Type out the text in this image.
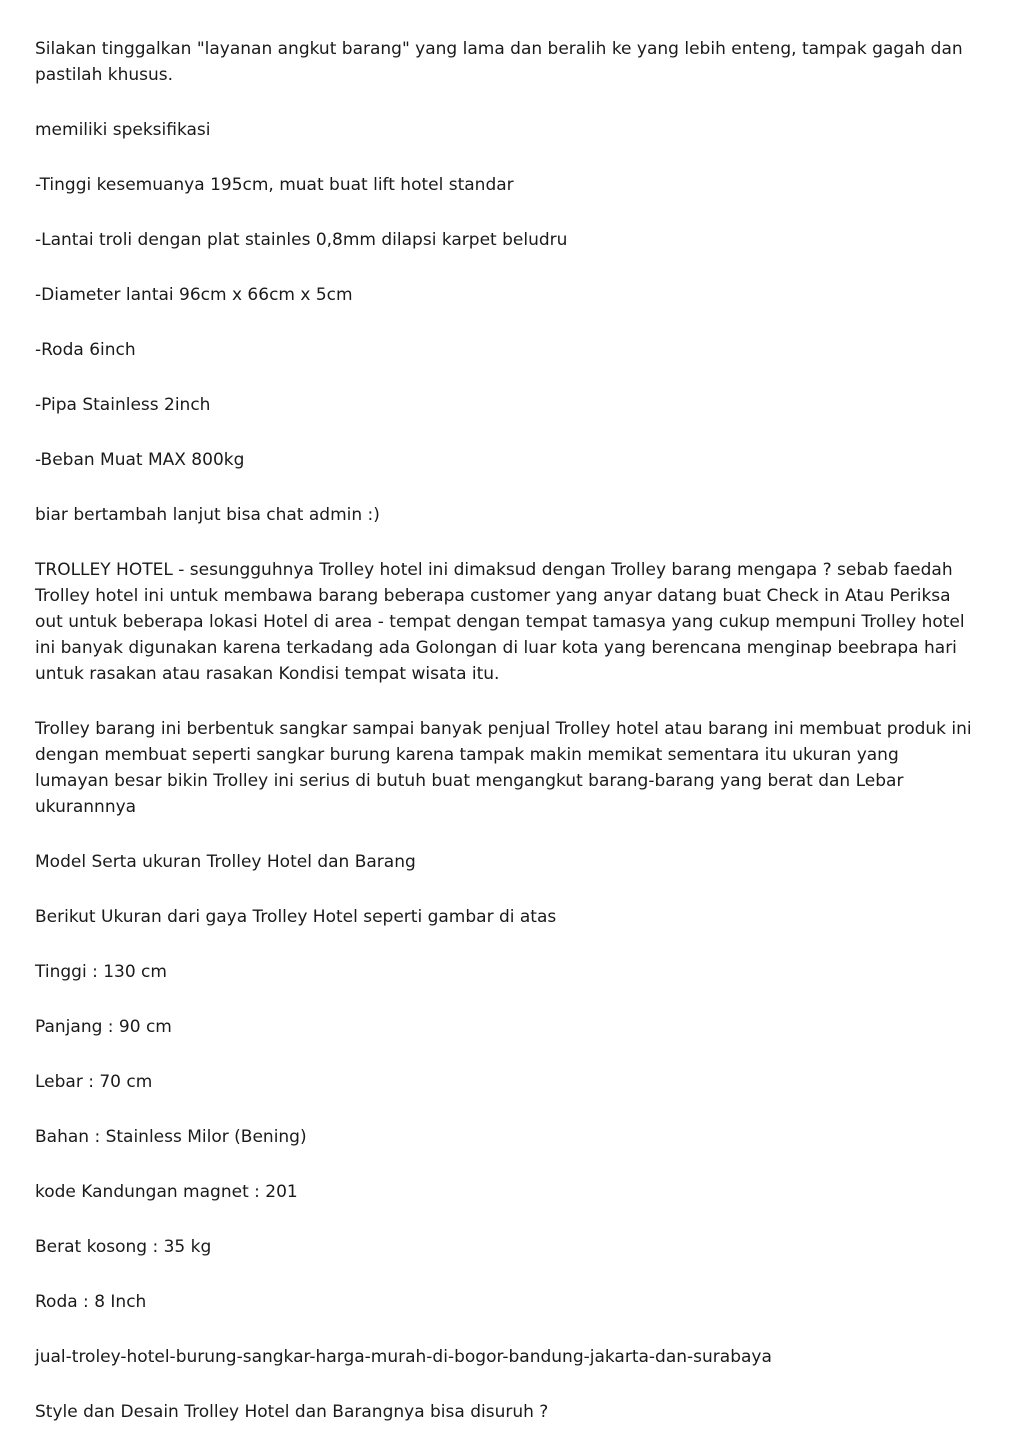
Silakan tinggalkan "layanan angkut barang" yang lama dan beralih ke yang lebih enteng, tampak gagah dan pastilah khusus.

memiliki speksifikasi

-Tinggi kesemuanya 195cm, muat buat lift hotel standar

-Lantai troli dengan plat stainles 0,8mm dilapsi karpet beludru

-Diameter lantai 96cm x 66cm x 5cm

-Roda 6inch

-Pipa Stainless 2inch

-Beban Muat MAX 800kg

biar bertambah lanjut bisa chat admin :)

TROLLEY HOTEL - sesungguhnya Trolley hotel ini dimaksud dengan Trolley barang mengapa ? sebab faedah Trolley hotel ini untuk membawa barang beberapa customer yang anyar datang buat Check in Atau Periksa out untuk beberapa lokasi Hotel di area - tempat dengan tempat tamasya yang cukup mempuni Trolley hotel ini banyak digunakan karena terkadang ada Golongan di luar kota yang berencana menginap beebrapa hari untuk rasakan atau rasakan Kondisi tempat wisata itu.

Trolley barang ini berbentuk sangkar sampai banyak penjual Trolley hotel atau barang ini membuat produk ini dengan membuat seperti sangkar burung karena tampak makin memikat sementara itu ukuran yang lumayan besar bikin Trolley ini serius di butuh buat mengangkut barang-barang yang berat dan Lebar ukurannnya

Model Serta ukuran Trolley Hotel dan Barang

Berikut Ukuran dari gaya Trolley Hotel seperti gambar di atas

Tinggi : 130 cm

Panjang : 90 cm

Lebar : 70 cm

Bahan : Stainless Milor (Bening)

kode Kandungan magnet : 201

Berat kosong : 35 kg

Roda : 8 Inch

jual-troley-hotel-burung-sangkar-harga-murah-di-bogor-bandung-jakarta-dan-surabaya

Style dan Desain Trolley Hotel dan Barangnya bisa disuruh ?
